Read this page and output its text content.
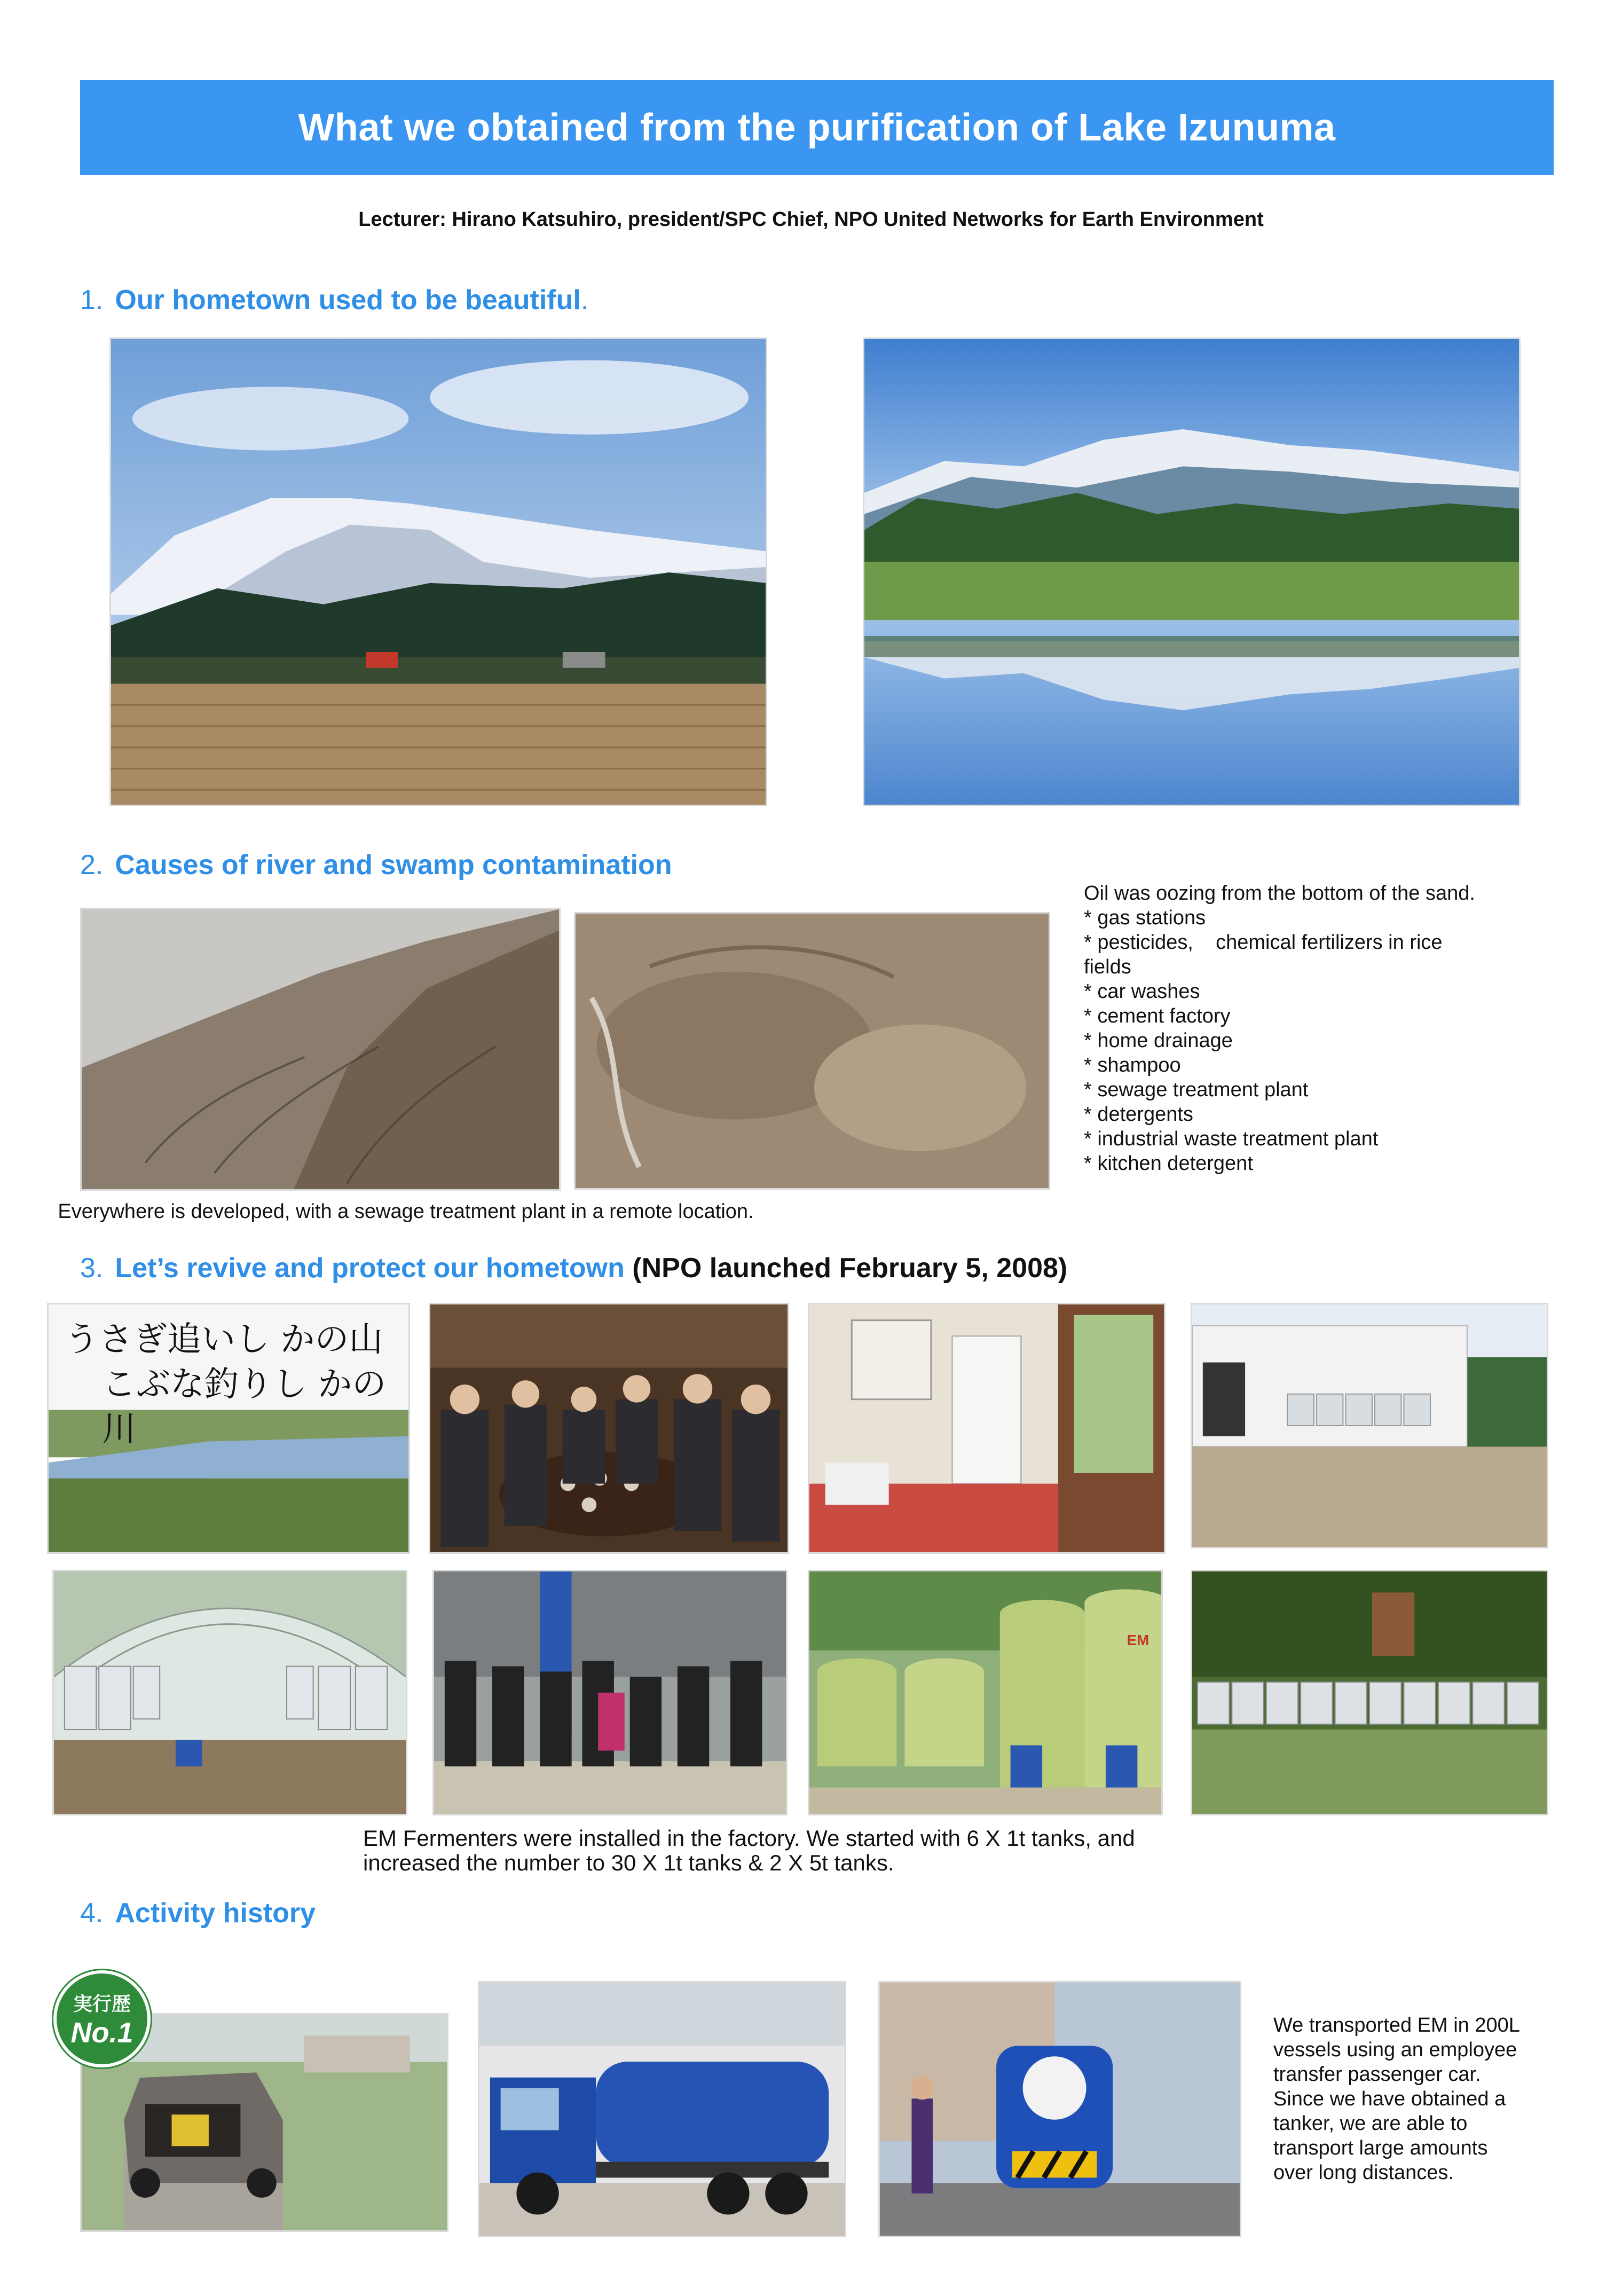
What we obtained from the purification of Lake Izunuma
Lecturer: Hirano Katsuhiro, president/SPC Chief, NPO United Networks for Earth Environment
1. Our hometown used to be beautiful.
2. Causes of river and swamp contamination
Oil was oozing from the bottom of the sand.
* gas stations
* pesticides,    chemical fertilizers in rice
fields
* car washes
* cement factory
* home drainage
* shampoo
* sewage treatment plant
* detergents
* industrial waste treatment plant
* kitchen detergent
Everywhere is developed, with a sewage treatment plant in a remote location.
3. Let’s revive and protect our hometown (NPO launched February 5, 2008)
うさぎ追いし かの山
こぶな釣りし かの川
EM
EM Fermenters were installed in the factory. We started with 6 X 1t tanks, and
increased the number to 30 X 1t tanks & 2 X 5t tanks.
4. Activity history
実行歴
No.1	We transported EM in 200L
vessels using an employee
transfer passenger car.
Since we have obtained a
tanker, we are able to
transport large amounts
over long distances.
